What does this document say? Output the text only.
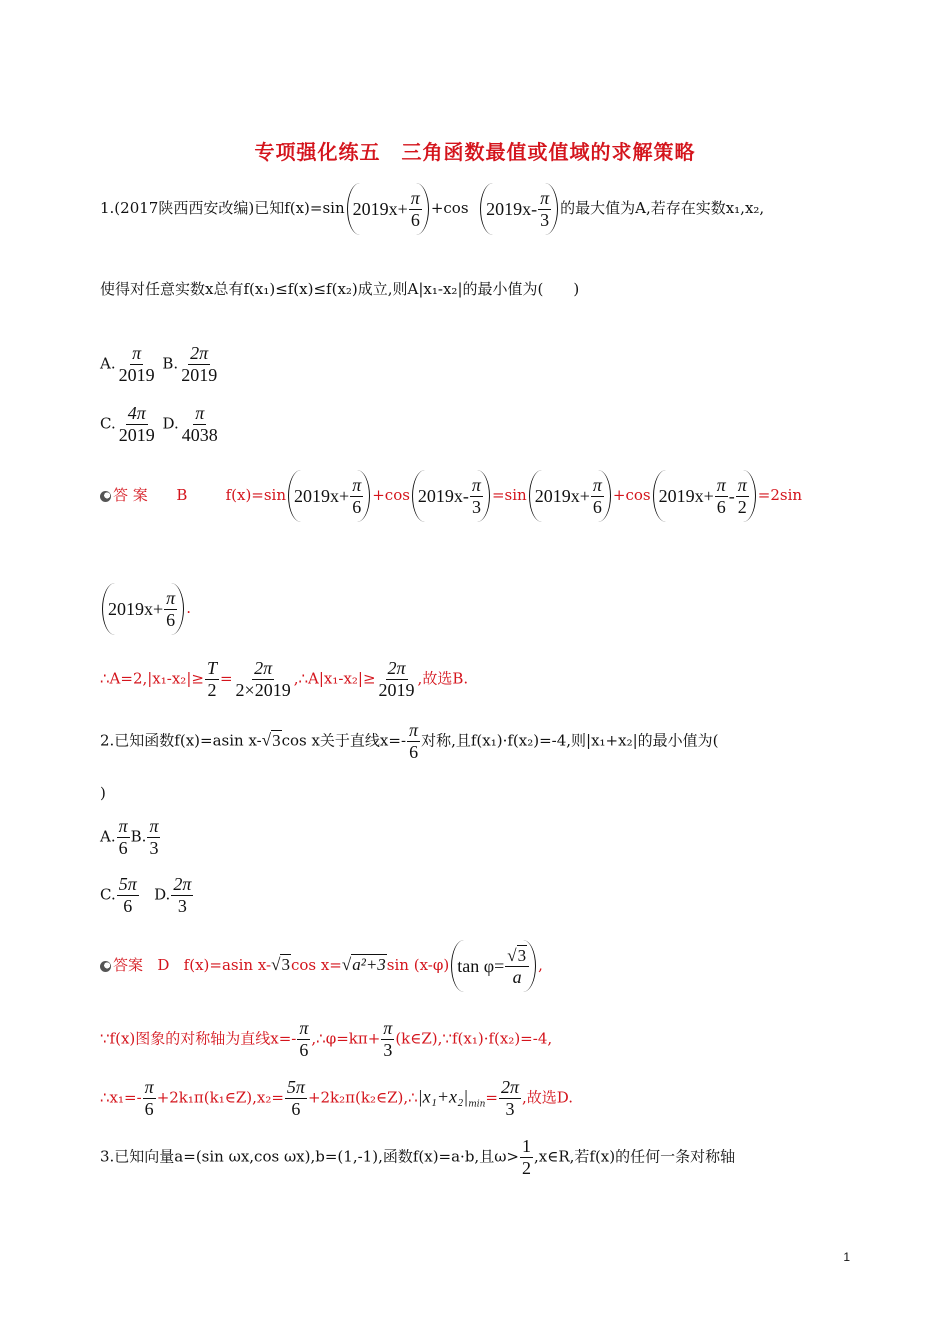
专项强化练五　三角函数最值或值域的求解策略
1.(2017陕西西安改编)已知f(x)=sin $2019x+ \frac{\pi}{6} +\cos$ $2019x- \frac{\pi}{3}$ 的最大值为A,若存在实数x₁,x₂,
使得对任意实数x总有f(x₁)≤f(x)≤f(x₂)成立,则A|x₁-x₂|的最小值为(　　)
A. $\frac{\pi}{2019} B$. $\frac{2\pi}{2019}$
C. $\frac{4\pi}{2019} D$. $\frac{\pi}{4038}$
答 案 B	f(x)=sin $2019x+ \frac{\pi}{6} +\cos$ $2019x- \frac{\pi}{3} =\sin$ $2019x+ \frac{\pi}{6} +\cos$ $2019x+ \frac{\pi}{6} - \frac{\pi}{2} =2\sin$
$2019x+ \frac{\pi}{6}$ .
∴A=2,|x₁-x₂|≥ $\frac{T}{2} = \frac{2\pi}{2\times 2019}$ ,∴A|x₁-x₂|≥ $\frac{2\pi}{2019}$ ,故选B.
2.已知函数f(x)=asin x-√3cos x关于直线$x=- \frac{\pi}{6}$ 对称,且f(x₁)·f(x₂)=-4,则|x₁+x₂|的最小值为(
)
A. $\frac{\pi}{6} B$. $\frac{\pi}{3}$
C. $\frac{5\pi}{6} D$. $\frac{2\pi}{3}$
答案 D f(x)=asin x-√3cos x=√a²+3sin (x-φ) $\tan \varphi= \frac{√3}{a}$ ,
∵f(x)图象的对称轴为直线$x=- \frac{\pi}{6}$ ,∴φ=kπ+ $\frac{\pi}{3}$ (k∈Z),∵f(x₁)·f(x₂)=-4,
∴x₁=- $\frac{\pi}{6}$ +2k₁π(k₁∈Z),x₂= $\frac{5\pi}{6}$ $+2k_2\pi(k_2\in Z),\therefore|x_1+x_2|_{min}= \frac{2\pi}{3}$ ,故选D.
3.已知向量a=(sin ωx,cos ωx),b=(1,-1),函数f(x)=a·b,且$\omega> \frac{1}{2}$ ,x∈R,若f(x)的任何一条对称轴
1
